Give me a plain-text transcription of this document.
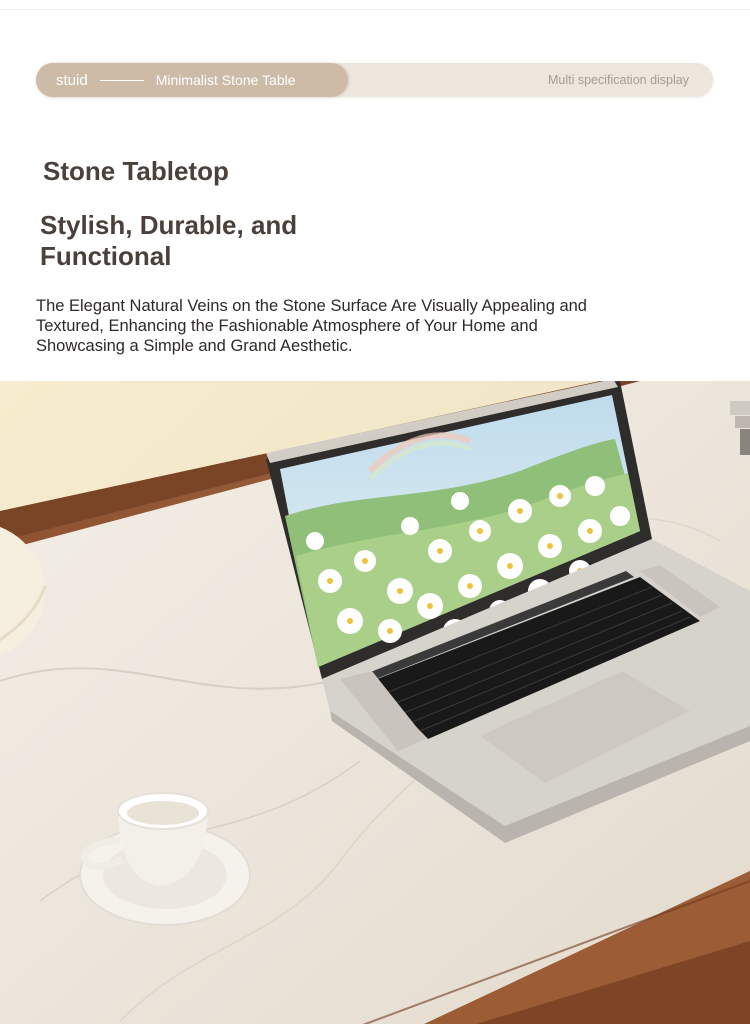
stuid	Minimalist Stone Table	Multi specification display
Stone Tabletop
Stylish, Durable, and Functional

The Elegant Natural Veins on the Stone Surface Are Visually Appealing and Textured, Enhancing the Fashionable Atmosphere of Your Home and Showcasing a Simple and Grand Aesthetic.
